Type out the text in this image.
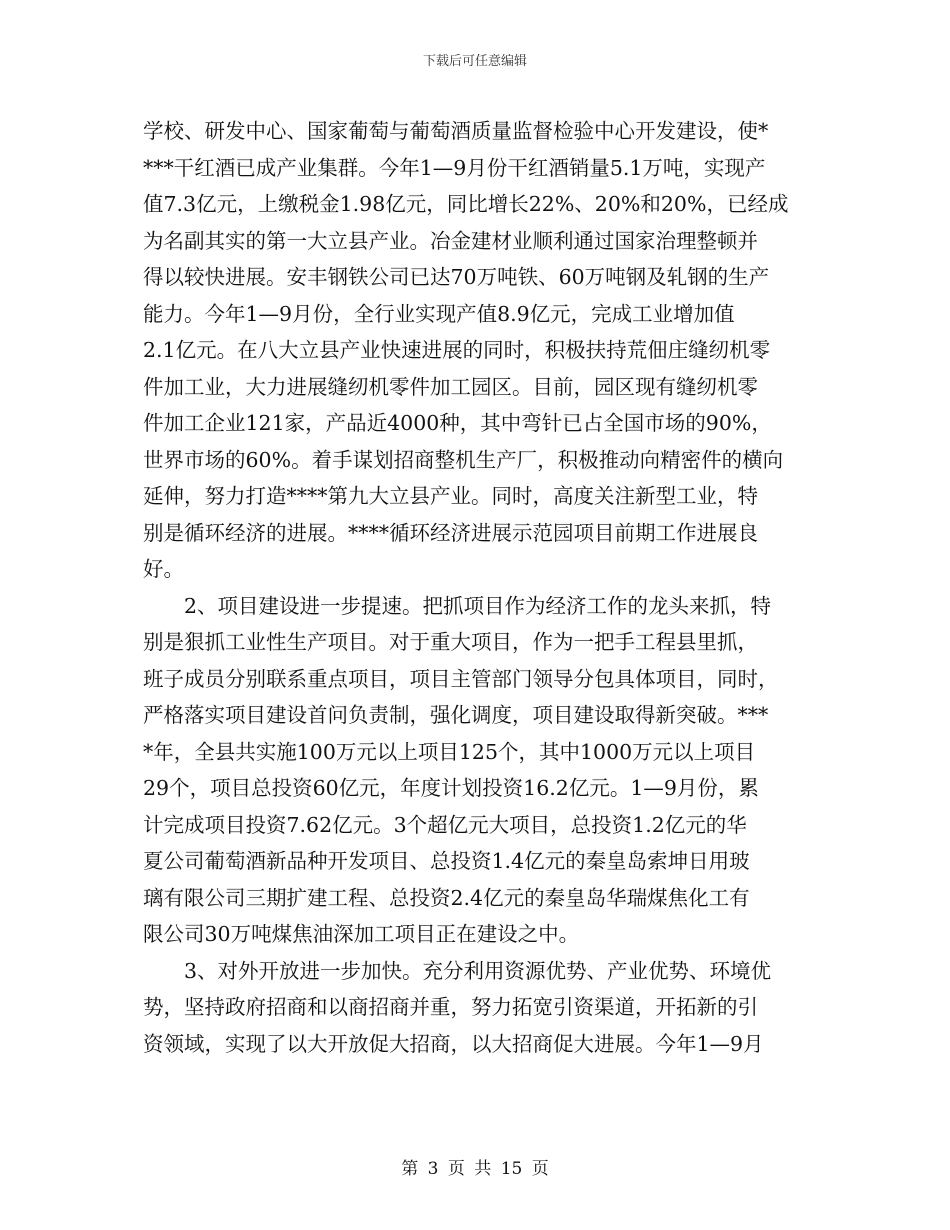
下载后可任意编辑
学校、研发中心、国家葡萄与葡萄酒质量监督检验中心开发建设，使*
***干红酒已成产业集群。今年1—9月份干红酒销量5.1万吨，实现产
值7.3亿元，上缴税金1.98亿元，同比增长22%、20%和20%，已经成
为名副其实的第一大立县产业。冶金建材业顺利通过国家治理整顿并
得以较快进展。安丰钢铁公司已达70万吨铁、60万吨钢及轧钢的生产
能力。今年1—9月份，全行业实现产值8.9亿元，完成工业增加值
2.1亿元。在八大立县产业快速进展的同时，积极扶持荒佃庄缝纫机零
件加工业，大力进展缝纫机零件加工园区。目前，园区现有缝纫机零
件加工企业121家，产品近4000种，其中弯针已占全国市场的90%，
世界市场的60%。着手谋划招商整机生产厂，积极推动向精密件的横向
延伸，努力打造****第九大立县产业。同时，高度关注新型工业，特
别是循环经济的进展。****循环经济进展示范园项目前期工作进展良
好。
　　2、项目建设进一步提速。把抓项目作为经济工作的龙头来抓，特
别是狠抓工业性生产项目。对于重大项目，作为一把手工程县里抓，
班子成员分别联系重点项目，项目主管部门领导分包具体项目，同时，
严格落实项目建设首问负责制，强化调度，项目建设取得新突破。***
*年，全县共实施100万元以上项目125个，其中1000万元以上项目
29个，项目总投资60亿元，年度计划投资16.2亿元。1—9月份，累
计完成项目投资7.62亿元。3个超亿元大项目，总投资1.2亿元的华
夏公司葡萄酒新品种开发项目、总投资1.4亿元的秦皇岛索坤日用玻
璃有限公司三期扩建工程、总投资2.4亿元的秦皇岛华瑞煤焦化工有
限公司30万吨煤焦油深加工项目正在建设之中。
　　3、对外开放进一步加快。充分利用资源优势、产业优势、环境优
势，坚持政府招商和以商招商并重，努力拓宽引资渠道，开拓新的引
资领域，实现了以大开放促大招商，以大招商促大进展。今年1—9月
第 3 页 共 15 页
